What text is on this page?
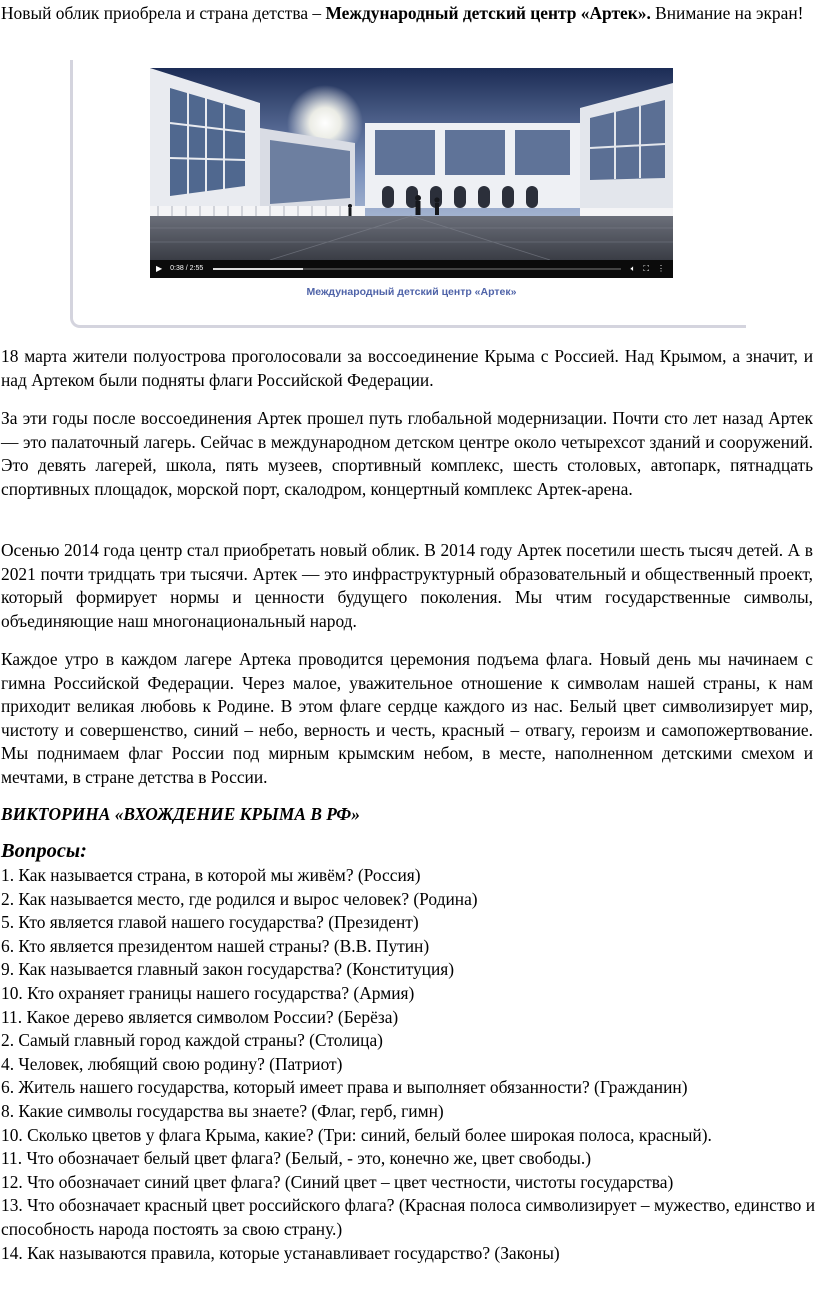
Новый облик приобрела и страна детства – Международный детский центр «Артек». Внимание на экран!

▶ 0:38 / 2:55	🔈︎ ⛶ ⋮
Международный детский центр «Артек»

18 марта жители полуострова проголосовали за воссоединение Крыма с Россией. Над Крымом, а значит, и над Артеком были подняты флаги Российской Федерации.

За эти годы после воссоединения Артек прошел путь глобальной модернизации. Почти сто лет назад Артек — это палаточный лагерь. Сейчас в международном детском центре около четырехсот зданий и сооружений. Это девять лагерей, школа, пять музеев, спортивный комплекс, шесть столовых, автопарк, пятнадцать спортивных площадок, морской порт, скалодром, концертный комплекс Артек-арена.

Осенью 2014 года центр стал приобретать новый облик. В 2014 году Артек посетили шесть тысяч детей. А в 2021 почти тридцать три тысячи. Артек — это инфраструктурный образовательный и общественный проект, который формирует нормы и ценности будущего поколения. Мы чтим государственные символы, объединяющие наш многонациональный народ.

Каждое утро в каждом лагере Артека проводится церемония подъема флага. Новый день мы начинаем с гимна Российской Федерации. Через малое, уважительное отношение к символам нашей страны, к нам приходит великая любовь к Родине. В этом флаге сердце каждого из нас. Белый цвет символизирует мир, чистоту и совершенство, синий – небо, верность и честь, красный – отвагу, героизм и самопожертвование. Мы поднимаем флаг России под мирным крымским небом, в месте, наполненном детскими смехом и мечтами, в стране детства в России.

ВИКТОРИНА «ВХОЖДЕНИЕ КРЫМА В РФ»

Вопросы:

1. Как называется страна, в которой мы живём? (Россия)
2. Как называется место, где родился и вырос человек? (Родина)
5. Кто является главой нашего государства? (Президент)
6. Кто является президентом нашей страны? (В.В. Путин)
9. Как называется главный закон государства? (Конституция)
10. Кто охраняет границы нашего государства? (Армия)
11. Какое дерево является символом России? (Берёза)
2. Самый главный город каждой страны? (Столица)
4. Человек, любящий свою родину? (Патриот)
6. Житель нашего государства, который имеет права и выполняет обязанности? (Гражданин)
8. Какие символы государства вы знаете? (Флаг, герб, гимн)
10. Сколько цветов у флага Крыма, какие? (Три: синий, белый более широкая полоса, красный).
11. Что обозначает белый цвет флага? (Белый, - это, конечно же, цвет свободы.)
12. Что обозначает синий цвет флага? (Синий цвет – цвет честности, чистоты государства)
13. Что обозначает красный цвет российского флага? (Красная полоса символизирует – мужество, единство и способность народа постоять за свою страну.)
14. Как называются правила, которые устанавливает государство? (Законы)
